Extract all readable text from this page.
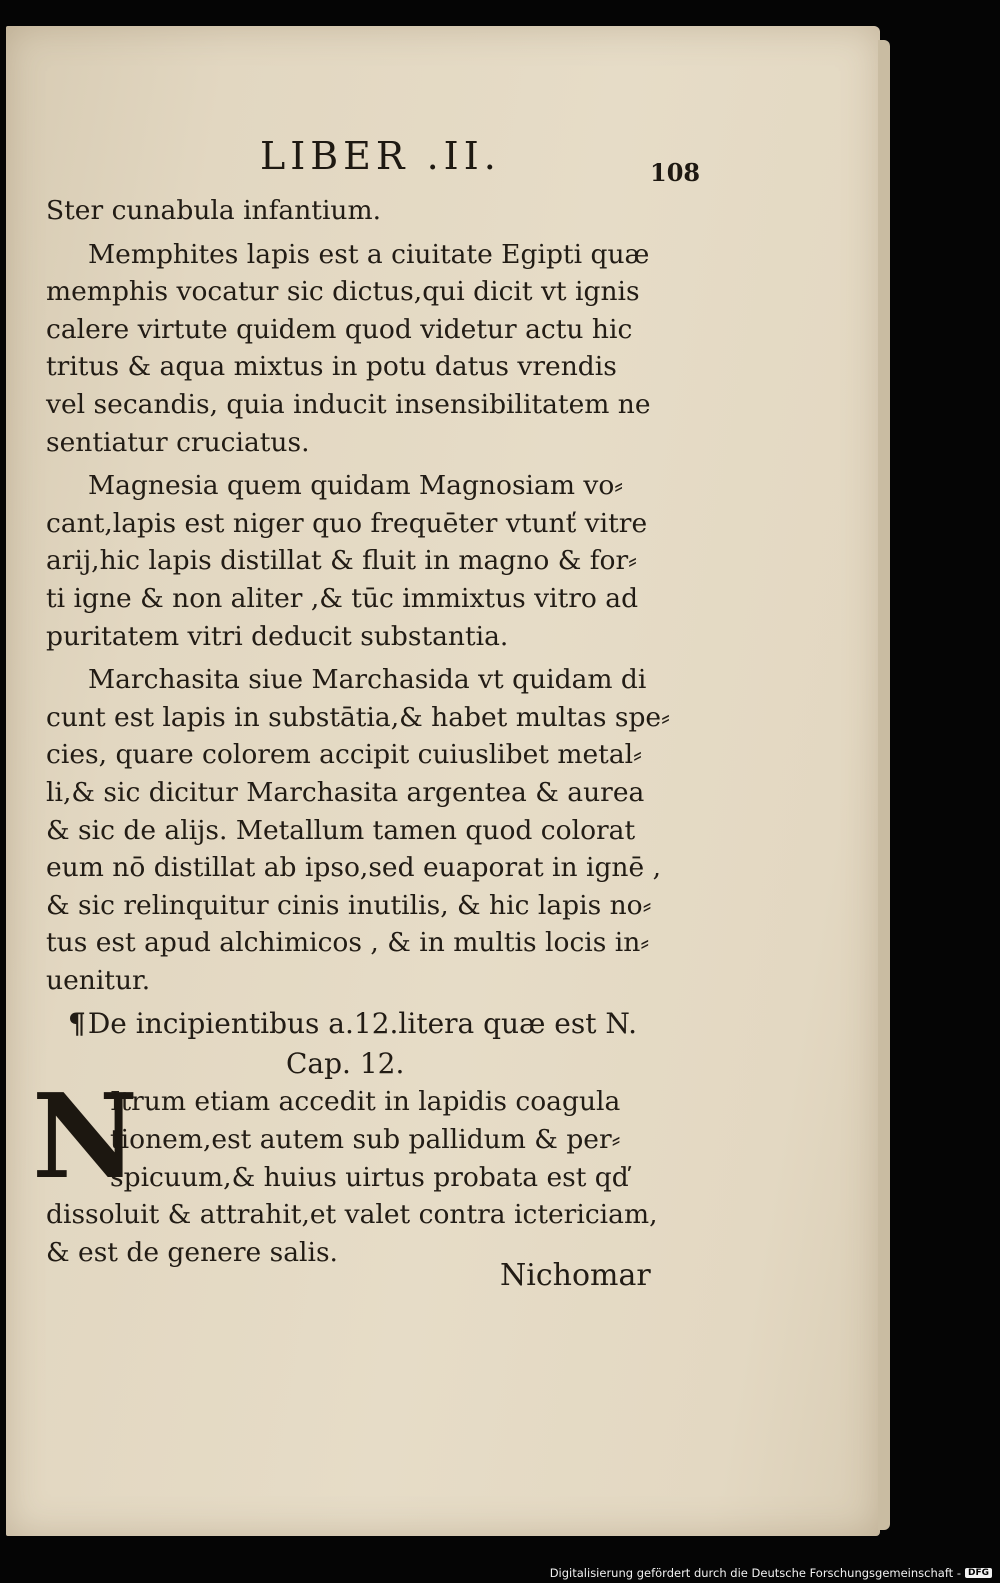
LIBER .II.	108
Ster cunabula infantium.
Memphites lapis est a ciuitate Egipti quæ
memphis vocatur sic dictus,qui dicit vt ignis
calere virtute quidem quod videtur actu hic
tritus & aqua mixtus in potu datus vrendis
vel secandis, quia inducit insensibilitatem ne
sentiatur cruciatus.
Magnesia quem quidam Magnosiam vo⸗
cant,lapis est niger quo frequēter vtunť vitre
arij,hic lapis distillat & fluit in magno & for⸗
ti igne & non aliter ,& tūc immixtus vitro ad
puritatem vitri deducit substantia.
Marchasita siue Marchasida vt quidam di
cunt est lapis in substātia,& habet multas spe⸗
cies, quare colorem accipit cuiuslibet metal⸗
li,& sic dicitur Marchasita argentea & aurea
& sic de alijs. Metallum tamen quod colorat
eum nō distillat ab ipso,sed euaporat in ignē ,
& sic relinquitur cinis inutilis, & hic lapis no⸗
tus est apud alchimicos , & in multis locis in⸗
uenitur.
¶De incipientibus a.12.litera quæ est N.
Cap. 12.
N
Itrum etiam accedit in lapidis coagula
tionem,est autem sub pallidum & per⸗
spicuum,& huius uirtus probata est qď
dissoluit & attrahit,et valet contra ictericiam,
& est de genere salis.
Nichomar
Digitalisierung gefördert durch die Deutsche Forschungsgemeinschaft - DFG
